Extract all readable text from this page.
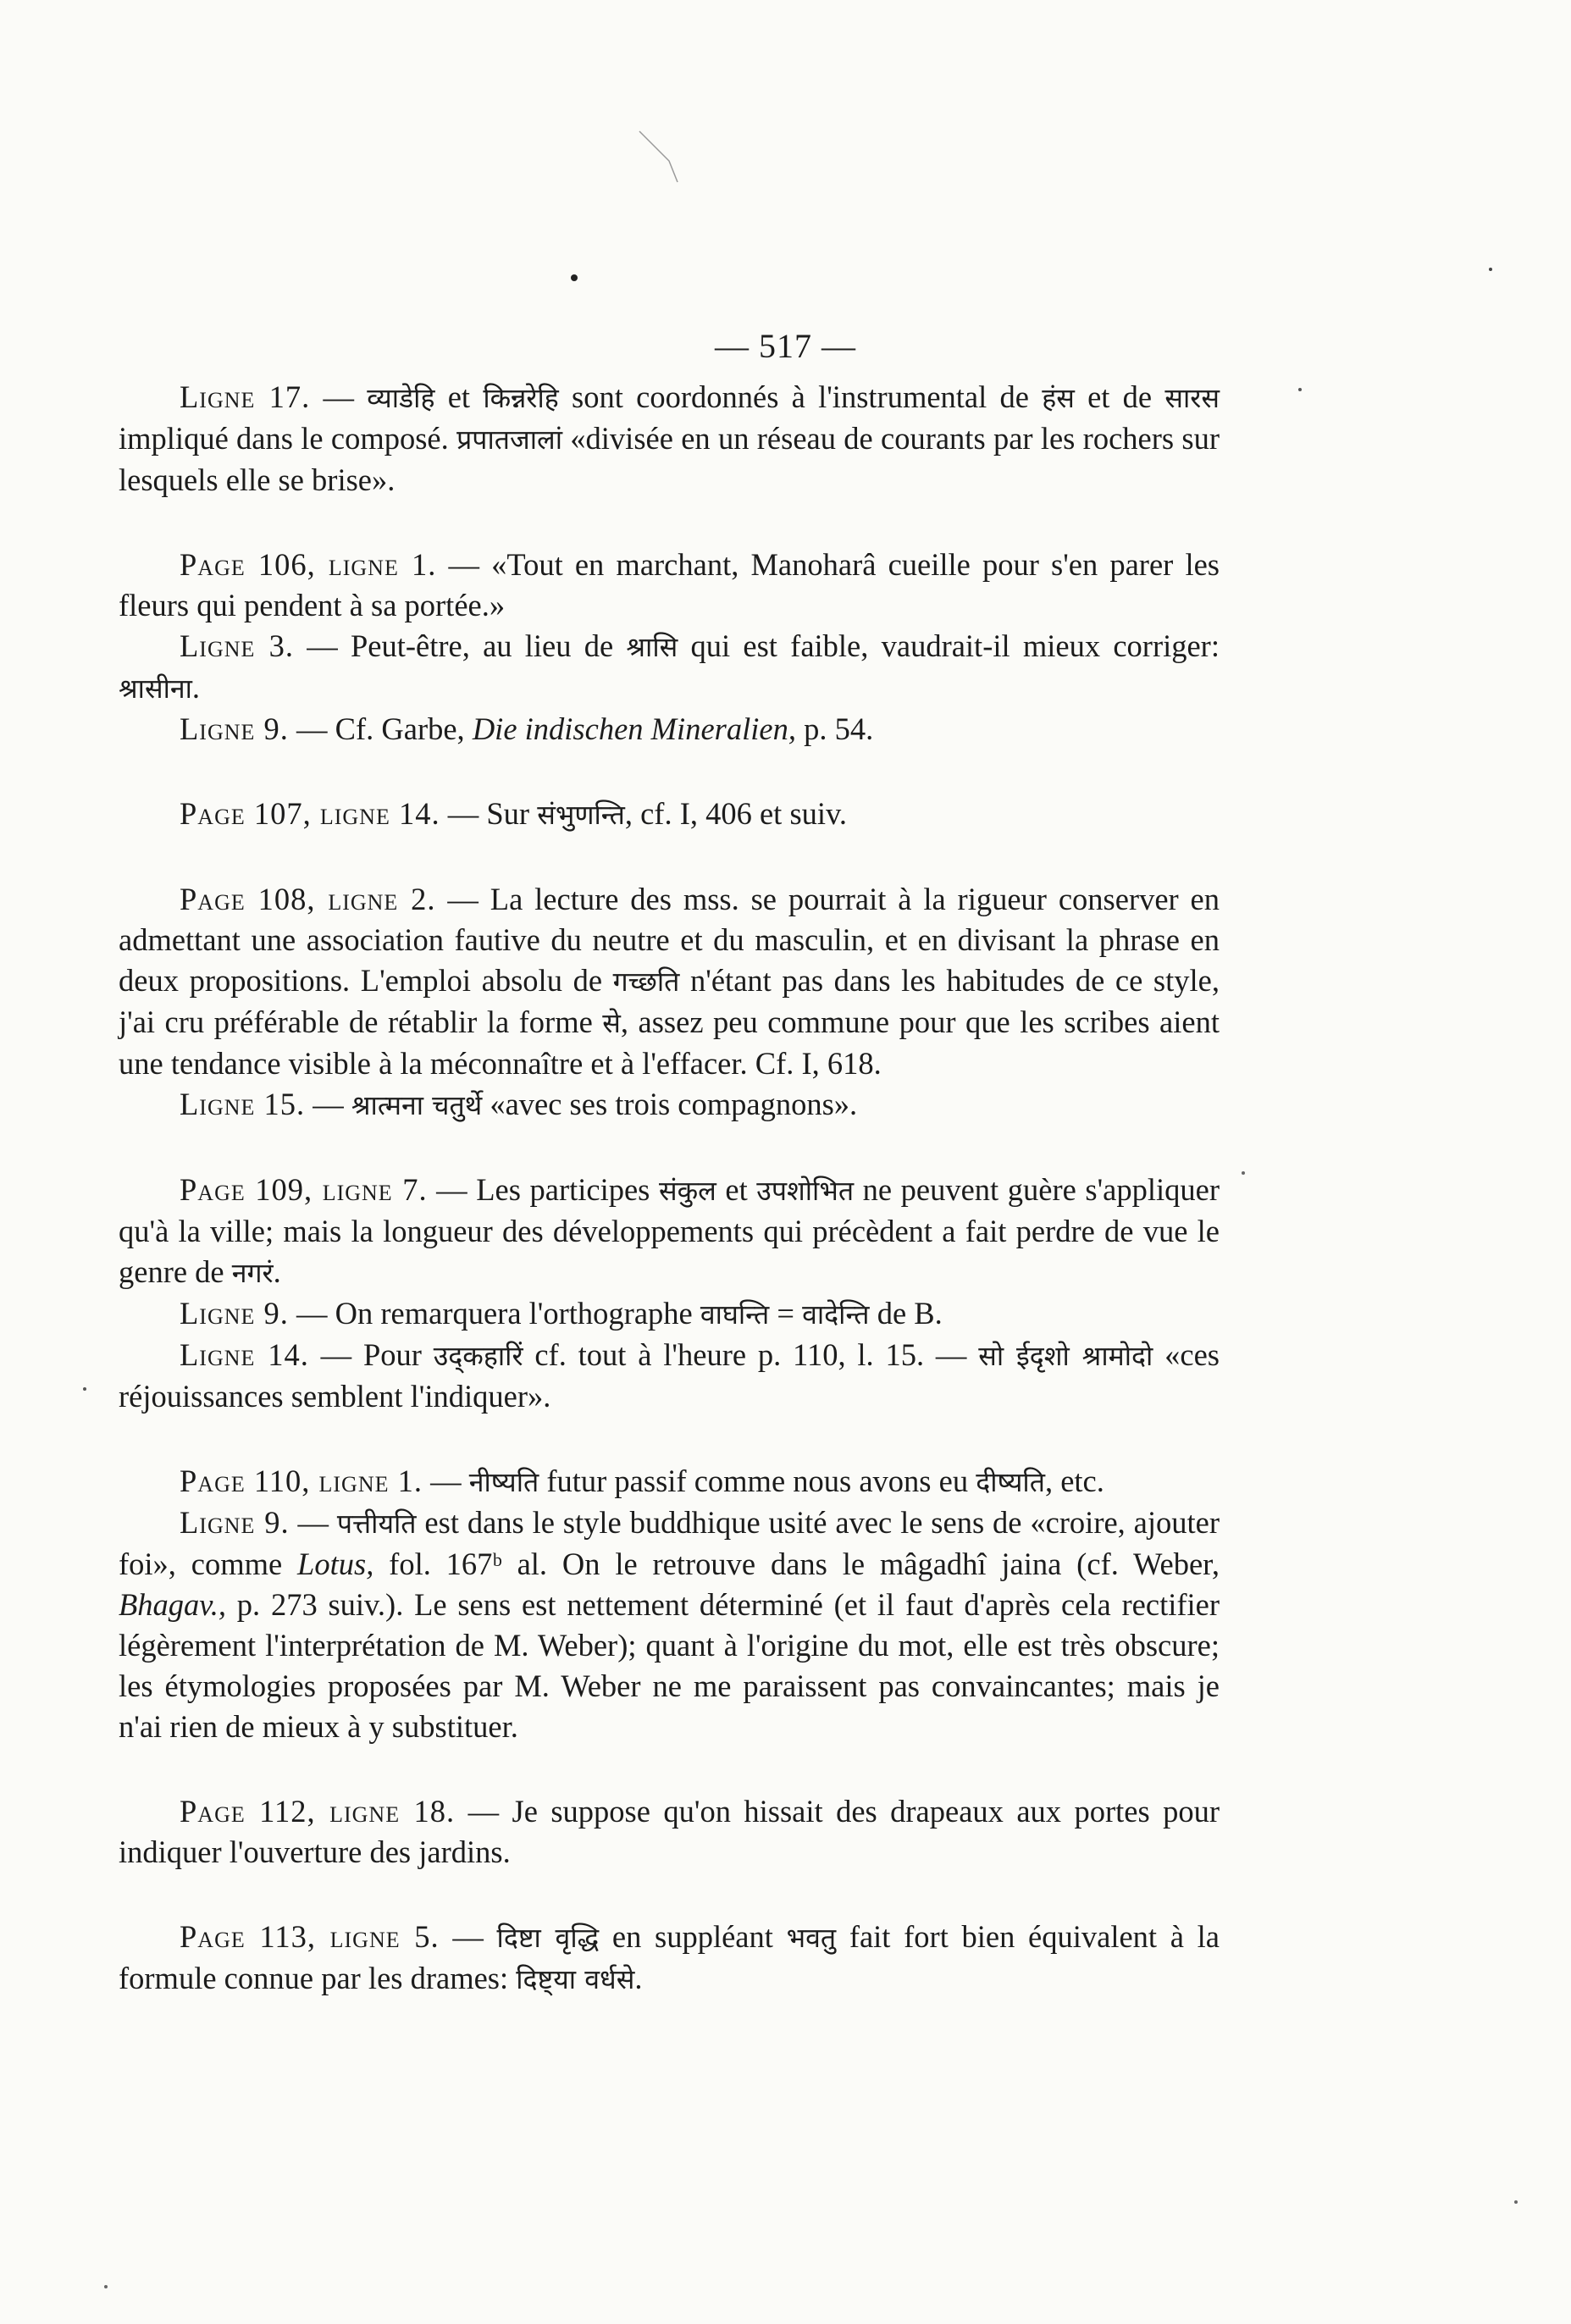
— 517 —

Ligne 17. — व्याडेहि et किन्नरेहि sont coordonnés à l'instrumental de हंस et de सारस impliqué dans le composé. प्रपातजालां «divisée en un réseau de courants par les rochers sur lesquels elle se brise».

Page 106, ligne 1. — «Tout en marchant, Manoharâ cueille pour s'en parer les fleurs qui pendent à sa portée.»

Ligne 3. — Peut-être, au lieu de श्रासि qui est faible, vaudrait-il mieux corriger: श्रासीना.

Ligne 9. — Cf. Garbe, Die indischen Mineralien, p. 54.

Page 107, ligne 14. — Sur संभुणन्ति, cf. I, 406 et suiv.

Page 108, ligne 2. — La lecture des mss. se pourrait à la rigueur conserver en admettant une association fautive du neutre et du masculin, et en divisant la phrase en deux propositions. L'emploi absolu de गच्छति n'étant pas dans les habitudes de ce style, j'ai cru préférable de rétablir la forme से, assez peu commune pour que les scribes aient une tendance visible à la méconnaître et à l'effacer. Cf. I, 618.

Ligne 15. — श्रात्मना चतुर्थे «avec ses trois compagnons».

Page 109, ligne 7. — Les participes संकुल et उपशोभित ne peuvent guère s'appliquer qu'à la ville; mais la longueur des développements qui précèdent a fait perdre de vue le genre de नगरं.

Ligne 9. — On remarquera l'orthographe वाघन्ति = वादेन्ति de B.

Ligne 14. — Pour उद्कहारिं cf. tout à l'heure p. 110, l. 15. — सो ईदृशो श्रामोदो «ces réjouissances semblent l'indiquer».

Page 110, ligne 1. — नीष्यति futur passif comme nous avons eu दीष्यति, etc.

Ligne 9. — पत्तीयति est dans le style buddhique usité avec le sens de «croire, ajouter foi», comme Lotus, fol. 167ᵇ al. On le retrouve dans le mâgadhî jaina (cf. Weber, Bhagav., p. 273 suiv.). Le sens est nettement déterminé (et il faut d'après cela rectifier légèrement l'interprétation de M. Weber); quant à l'origine du mot, elle est très obscure; les étymologies proposées par M. Weber ne me paraissent pas convaincantes; mais je n'ai rien de mieux à y substituer.

Page 112, ligne 18. — Je suppose qu'on hissait des drapeaux aux portes pour indiquer l'ouverture des jardins.

Page 113, ligne 5. — दिष्टा वृद्धि en suppléant भवतु fait fort bien équivalent à la formule connue par les drames: दिष्ट्या वर्धसे.
